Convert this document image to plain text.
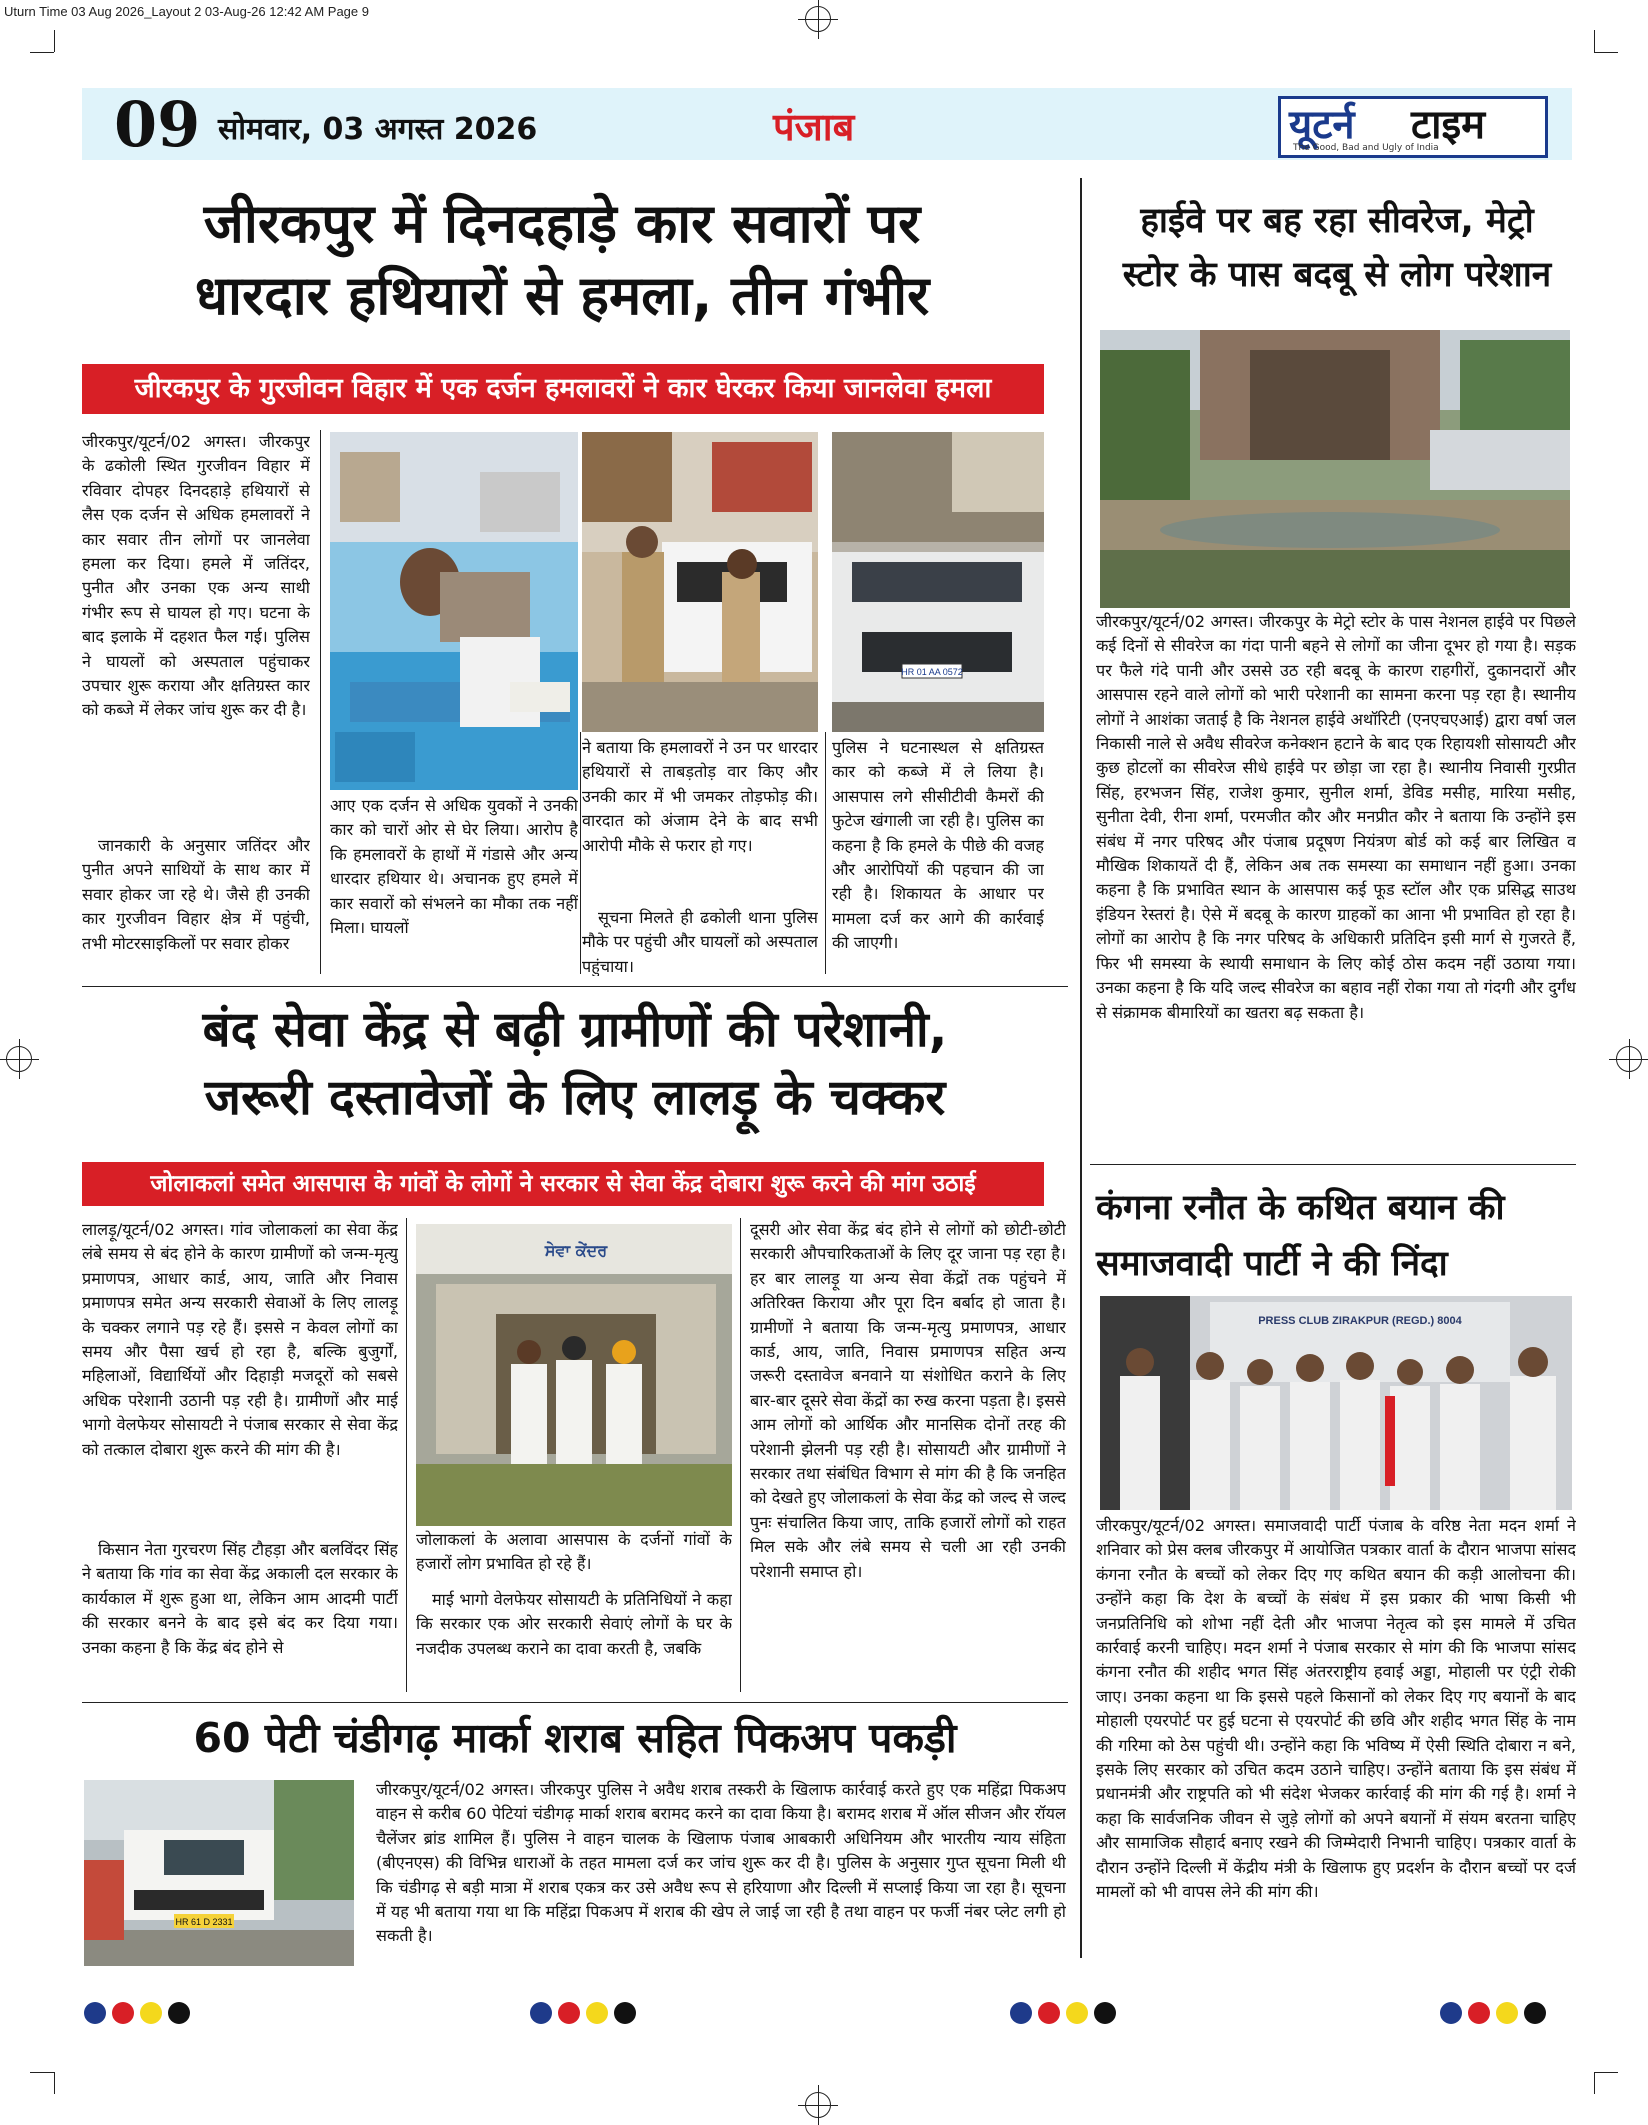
Uturn Time 03 Aug 2026_Layout 2 03-Aug-26 12:42 AM Page 9
09 सोमवार, 03 अगस्त 2026	पंजाब	यूटर्न टाइम
The Good, Bad and Ugly of India
जीरकपुर में दिनदहाड़े कार सवारों पर
धारदार हथियारों से हमला, तीन गंभीर
जीरकपुर के गुरजीवन विहार में एक दर्जन हमलावरों ने कार घेरकर किया जानलेवा हमला
जीरकपुर/यूटर्न/02 अगस्त। जीरकपुर के ढकोली स्थित गुरजीवन विहार में रविवार दोपहर दिनदहाड़े हथियारों से लैस एक दर्जन से अधिक हमलावरों ने कार सवार तीन लोगों पर जानलेवा हमला कर दिया। हमले में जतिंदर, पुनीत और उनका एक अन्य साथी गंभीर रूप से घायल हो गए। घटना के बाद इलाके में दहशत फैल गई। पुलिस ने घायलों को अस्पताल पहुंचाकर उपचार शुरू कराया और क्षतिग्रस्त कार को कब्जे में लेकर जांच शुरू कर दी है।
जानकारी के अनुसार जतिंदर और पुनीत अपने साथियों के साथ कार में सवार होकर जा रहे थे। जैसे ही उनकी कार गुरजीवन विहार क्षेत्र में पहुंची, तभी मोटरसाइकिलों पर सवार होकर
आए एक दर्जन से अधिक युवकों ने उनकी कार को चारों ओर से घेर लिया। आरोप है कि हमलावरों के हाथों में गंडासे और अन्य धारदार हथियार थे। अचानक हुए हमले में कार सवारों को संभलने का मौका तक नहीं मिला। घायलों
ने बताया कि हमलावरों ने उन पर धारदार हथियारों से ताबड़तोड़ वार किए और उनकी कार में भी जमकर तोड़फोड़ की। वारदात को अंजाम देने के बाद सभी आरोपी मौके से फरार हो गए।
सूचना मिलते ही ढकोली थाना पुलिस मौके पर पहुंची और घायलों को अस्पताल पहुंचाया।
HR 01 AA 0572
पुलिस ने घटनास्थल से क्षतिग्रस्त कार को कब्जे में ले लिया है। आसपास लगे सीसीटीवी कैमरों की फुटेज खंगाली जा रही है। पुलिस का कहना है कि हमले के पीछे की वजह और आरोपियों की पहचान की जा रही है। शिकायत के आधार पर मामला दर्ज कर आगे की कार्रवाई की जाएगी।
हाईवे पर बह रहा सीवरेज, मेट्रो
स्टोर के पास बदबू से लोग परेशान
जीरकपुर/यूटर्न/02 अगस्त। जीरकपुर के मेट्रो स्टोर के पास नेशनल हाईवे पर पिछले कई दिनों से सीवरेज का गंदा पानी बहने से लोगों का जीना दूभर हो गया है। सड़क पर फैले गंदे पानी और उससे उठ रही बदबू के कारण राहगीरों, दुकानदारों और आसपास रहने वाले लोगों को भारी परेशानी का सामना करना पड़ रहा है। स्थानीय लोगों ने आशंका जताई है कि नेशनल हाईवे अथॉरिटी (एनएचएआई) द्वारा वर्षा जल निकासी नाले से अवैध सीवरेज कनेक्शन हटाने के बाद एक रिहायशी सोसायटी और कुछ होटलों का सीवरेज सीधे हाईवे पर छोड़ा जा रहा है। स्थानीय निवासी गुरप्रीत सिंह, हरभजन सिंह, राजेश कुमार, सुनील शर्मा, डेविड मसीह, मारिया मसीह, सुनीता देवी, रीना शर्मा, परमजीत कौर और मनप्रीत कौर ने बताया कि उन्होंने इस संबंध में नगर परिषद और पंजाब प्रदूषण नियंत्रण बोर्ड को कई बार लिखित व मौखिक शिकायतें दी हैं, लेकिन अब तक समस्या का समाधान नहीं हुआ। उनका कहना है कि प्रभावित स्थान के आसपास कई फूड स्टॉल और एक प्रसिद्ध साउथ इंडियन रेस्तरां है। ऐसे में बदबू के कारण ग्राहकों का आना भी प्रभावित हो रहा है। लोगों का आरोप है कि नगर परिषद के अधिकारी प्रतिदिन इसी मार्ग से गुजरते हैं, फिर भी समस्या के स्थायी समाधान के लिए कोई ठोस कदम नहीं उठाया गया। उनका कहना है कि यदि जल्द सीवरेज का बहाव नहीं रोका गया तो गंदगी और दुर्गंध से संक्रामक बीमारियों का खतरा बढ़ सकता है।
कंगना रनौत के कथित बयान की
समाजवादी पार्टी ने की निंदा
PRESS CLUB ZIRAKPUR (REGD.) 8004
जीरकपुर/यूटर्न/02 अगस्त। समाजवादी पार्टी पंजाब के वरिष्ठ नेता मदन शर्मा ने शनिवार को प्रेस क्लब जीरकपुर में आयोजित पत्रकार वार्ता के दौरान भाजपा सांसद कंगना रनौत के बच्चों को लेकर दिए गए कथित बयान की कड़ी आलोचना की। उन्होंने कहा कि देश के बच्चों के संबंध में इस प्रकार की भाषा किसी भी जनप्रतिनिधि को शोभा नहीं देती और भाजपा नेतृत्व को इस मामले में उचित कार्रवाई करनी चाहिए। मदन शर्मा ने पंजाब सरकार से मांग की कि भाजपा सांसद कंगना रनौत की शहीद भगत सिंह अंतरराष्ट्रीय हवाई अड्डा, मोहाली पर एंट्री रोकी जाए। उनका कहना था कि इससे पहले किसानों को लेकर दिए गए बयानों के बाद मोहाली एयरपोर्ट पर हुई घटना से एयरपोर्ट की छवि और शहीद भगत सिंह के नाम की गरिमा को ठेस पहुंची थी। उन्होंने कहा कि भविष्य में ऐसी स्थिति दोबारा न बने, इसके लिए सरकार को उचित कदम उठाने चाहिए। उन्होंने बताया कि इस संबंध में प्रधानमंत्री और राष्ट्रपति को भी संदेश भेजकर कार्रवाई की मांग की गई है। शर्मा ने कहा कि सार्वजनिक जीवन से जुड़े लोगों को अपने बयानों में संयम बरतना चाहिए और सामाजिक सौहार्द बनाए रखने की जिम्मेदारी निभानी चाहिए। पत्रकार वार्ता के दौरान उन्होंने दिल्ली में केंद्रीय मंत्री के खिलाफ हुए प्रदर्शन के दौरान बच्चों पर दर्ज मामलों को भी वापस लेने की मांग की।
बंद सेवा केंद्र से बढ़ी ग्रामीणों की परेशानी,
जरूरी दस्तावेजों के लिए लालड़ू के चक्कर
जोलाकलां समेत आसपास के गांवों के लोगों ने सरकार से सेवा केंद्र दोबारा शुरू करने की मांग उठाई
लालड़ू/यूटर्न/02 अगस्त। गांव जोलाकलां का सेवा केंद्र लंबे समय से बंद होने के कारण ग्रामीणों को जन्म-मृत्यु प्रमाणपत्र, आधार कार्ड, आय, जाति और निवास प्रमाणपत्र समेत अन्य सरकारी सेवाओं के लिए लालड़ू के चक्कर लगाने पड़ रहे हैं। इससे न केवल लोगों का समय और पैसा खर्च हो रहा है, बल्कि बुजुर्गों, महिलाओं, विद्यार्थियों और दिहाड़ी मजदूरों को सबसे अधिक परेशानी उठानी पड़ रही है। ग्रामीणों और माई भागो वेलफेयर सोसायटी ने पंजाब सरकार से सेवा केंद्र को तत्काल दोबारा शुरू करने की मांग की है।
किसान नेता गुरचरण सिंह टौहड़ा और बलविंदर सिंह ने बताया कि गांव का सेवा केंद्र अकाली दल सरकार के कार्यकाल में शुरू हुआ था, लेकिन आम आदमी पार्टी की सरकार बनने के बाद इसे बंद कर दिया गया। उनका कहना है कि केंद्र बंद होने से
ਸੇਵਾ ਕੇਂਦਰ
जोलाकलां के अलावा आसपास के दर्जनों गांवों के हजारों लोग प्रभावित हो रहे हैं।
माई भागो वेलफेयर सोसायटी के प्रतिनिधियों ने कहा कि सरकार एक ओर सरकारी सेवाएं लोगों के घर के नजदीक उपलब्ध कराने का दावा करती है, जबकि
दूसरी ओर सेवा केंद्र बंद होने से लोगों को छोटी-छोटी सरकारी औपचारिकताओं के लिए दूर जाना पड़ रहा है। हर बार लालड़ू या अन्य सेवा केंद्रों तक पहुंचने में अतिरिक्त किराया और पूरा दिन बर्बाद हो जाता है। ग्रामीणों ने बताया कि जन्म-मृत्यु प्रमाणपत्र, आधार कार्ड, आय, जाति, निवास प्रमाणपत्र सहित अन्य जरूरी दस्तावेज बनवाने या संशोधित कराने के लिए बार-बार दूसरे सेवा केंद्रों का रुख करना पड़ता है। इससे आम लोगों को आर्थिक और मानसिक दोनों तरह की परेशानी झेलनी पड़ रही है। सोसायटी और ग्रामीणों ने सरकार तथा संबंधित विभाग से मांग की है कि जनहित को देखते हुए जोलाकलां के सेवा केंद्र को जल्द से जल्द पुनः संचालित किया जाए, ताकि हजारों लोगों को राहत मिल सके और लंबे समय से चली आ रही उनकी परेशानी समाप्त हो।
60 पेटी चंडीगढ़ मार्का शराब सहित पिकअप पकड़ी
HR 61 D 2331
जीरकपुर/यूटर्न/02 अगस्त। जीरकपुर पुलिस ने अवैध शराब तस्करी के खिलाफ कार्रवाई करते हुए एक महिंद्रा पिकअप वाहन से करीब 60 पेटियां चंडीगढ़ मार्का शराब बरामद करने का दावा किया है। बरामद शराब में ऑल सीजन और रॉयल चैलेंजर ब्रांड शामिल हैं। पुलिस ने वाहन चालक के खिलाफ पंजाब आबकारी अधिनियम और भारतीय न्याय संहिता (बीएनएस) की विभिन्न धाराओं के तहत मामला दर्ज कर जांच शुरू कर दी है। पुलिस के अनुसार गुप्त सूचना मिली थी कि चंडीगढ़ से बड़ी मात्रा में शराब एकत्र कर उसे अवैध रूप से हरियाणा और दिल्ली में सप्लाई किया जा रहा है। सूचना में यह भी बताया गया था कि महिंद्रा पिकअप में शराब की खेप ले जाई जा रही है तथा वाहन पर फर्जी नंबर प्लेट लगी हो सकती है।
